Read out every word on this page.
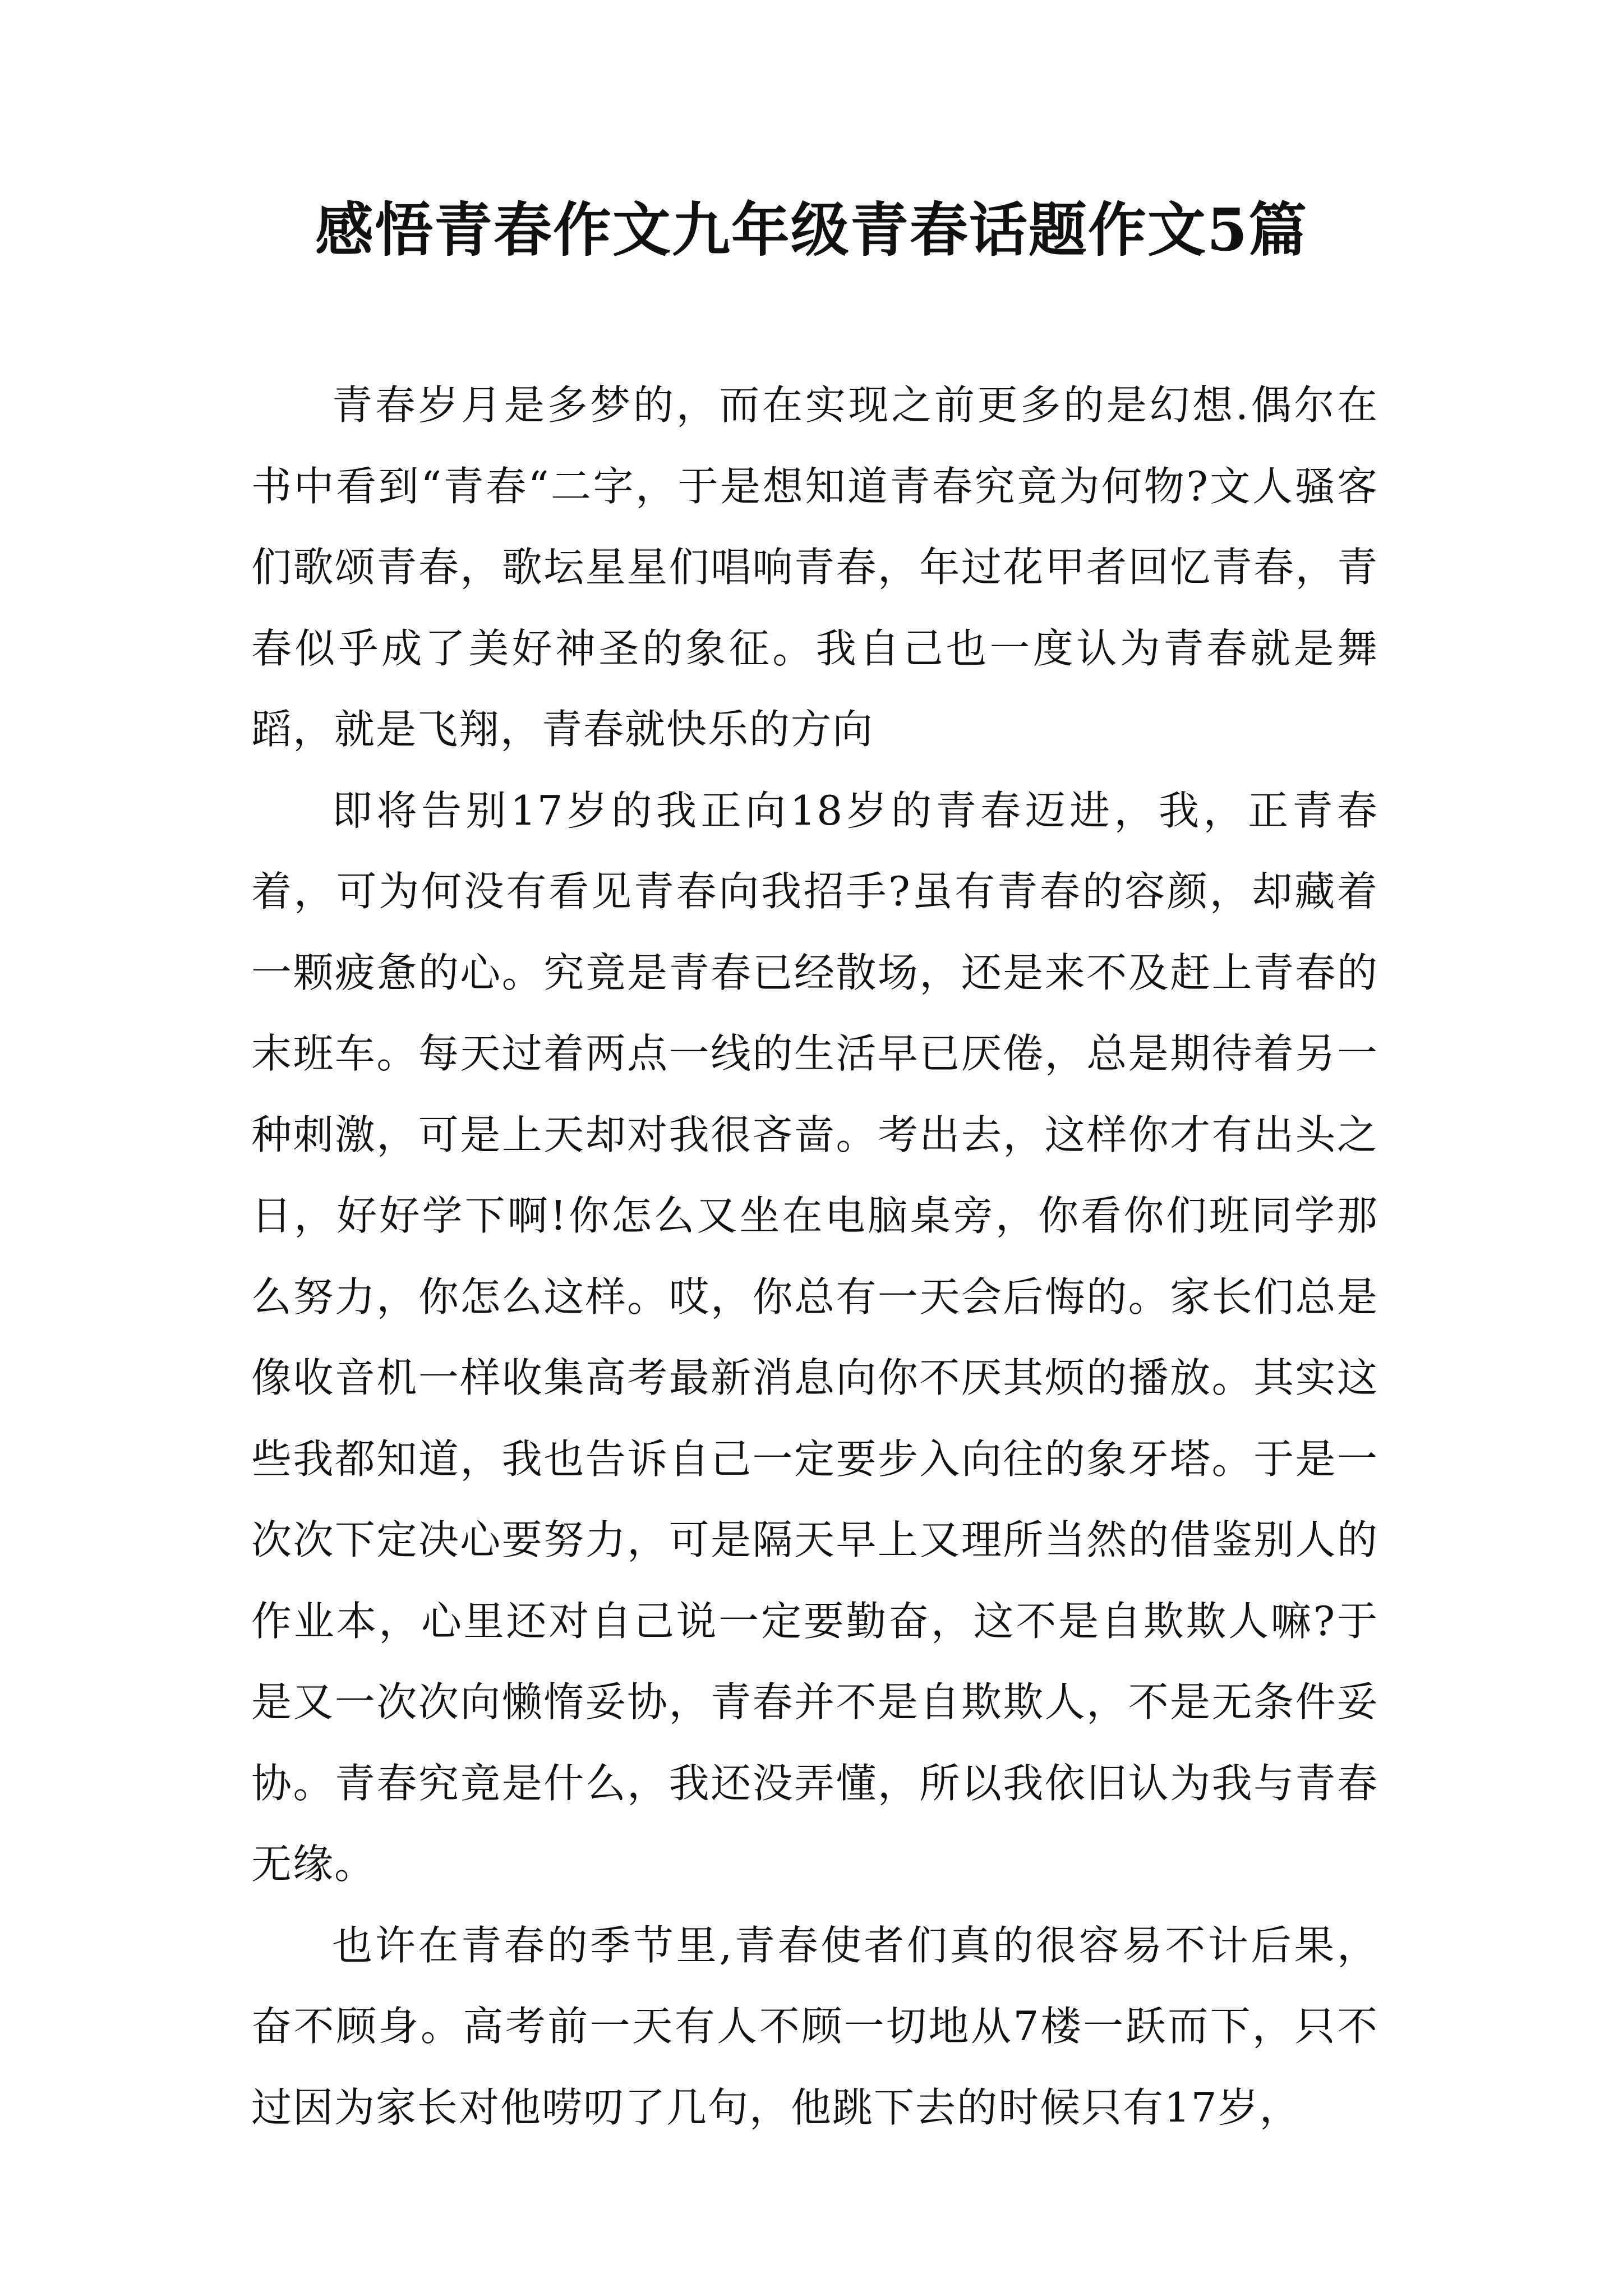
感悟青春作文九年级青春话题作文5篇

青春岁月是多梦的，而在实现之前更多的是幻想.偶尔在书中看到“青春“二字，于是想知道青春究竟为何物?文人骚客们歌颂青春，歌坛星星们唱响青春，年过花甲者回忆青春，青春似乎成了美好神圣的象征。我自己也一度认为青春就是舞蹈，就是飞翔，青春就快乐的方向

即将告别17岁的我正向18岁的青春迈进，我，正青春着，可为何没有看见青春向我招手?虽有青春的容颜，却藏着一颗疲惫的心。究竟是青春已经散场，还是来不及赶上青春的末班车。每天过着两点一线的生活早已厌倦，总是期待着另一种刺激，可是上天却对我很吝啬。考出去，这样你才有出头之日，好好学下啊!你怎么又坐在电脑桌旁，你看你们班同学那么努力，你怎么这样。哎，你总有一天会后悔的。家长们总是像收音机一样收集高考最新消息向你不厌其烦的播放。其实这些我都知道，我也告诉自己一定要步入向往的象牙塔。于是一次次下定决心要努力，可是隔天早上又理所当然的借鉴别人的作业本，心里还对自己说一定要勤奋，这不是自欺欺人嘛?于是又一次次向懒惰妥协，青春并不是自欺欺人，不是无条件妥协。青春究竟是什么，我还没弄懂，所以我依旧认为我与青春无缘。

也许在青春的季节里,青春使者们真的很容易不计后果，奋不顾身。高考前一天有人不顾一切地从7楼一跃而下，只不过因为家长对他唠叨了几句，他跳下去的时候只有17岁，
